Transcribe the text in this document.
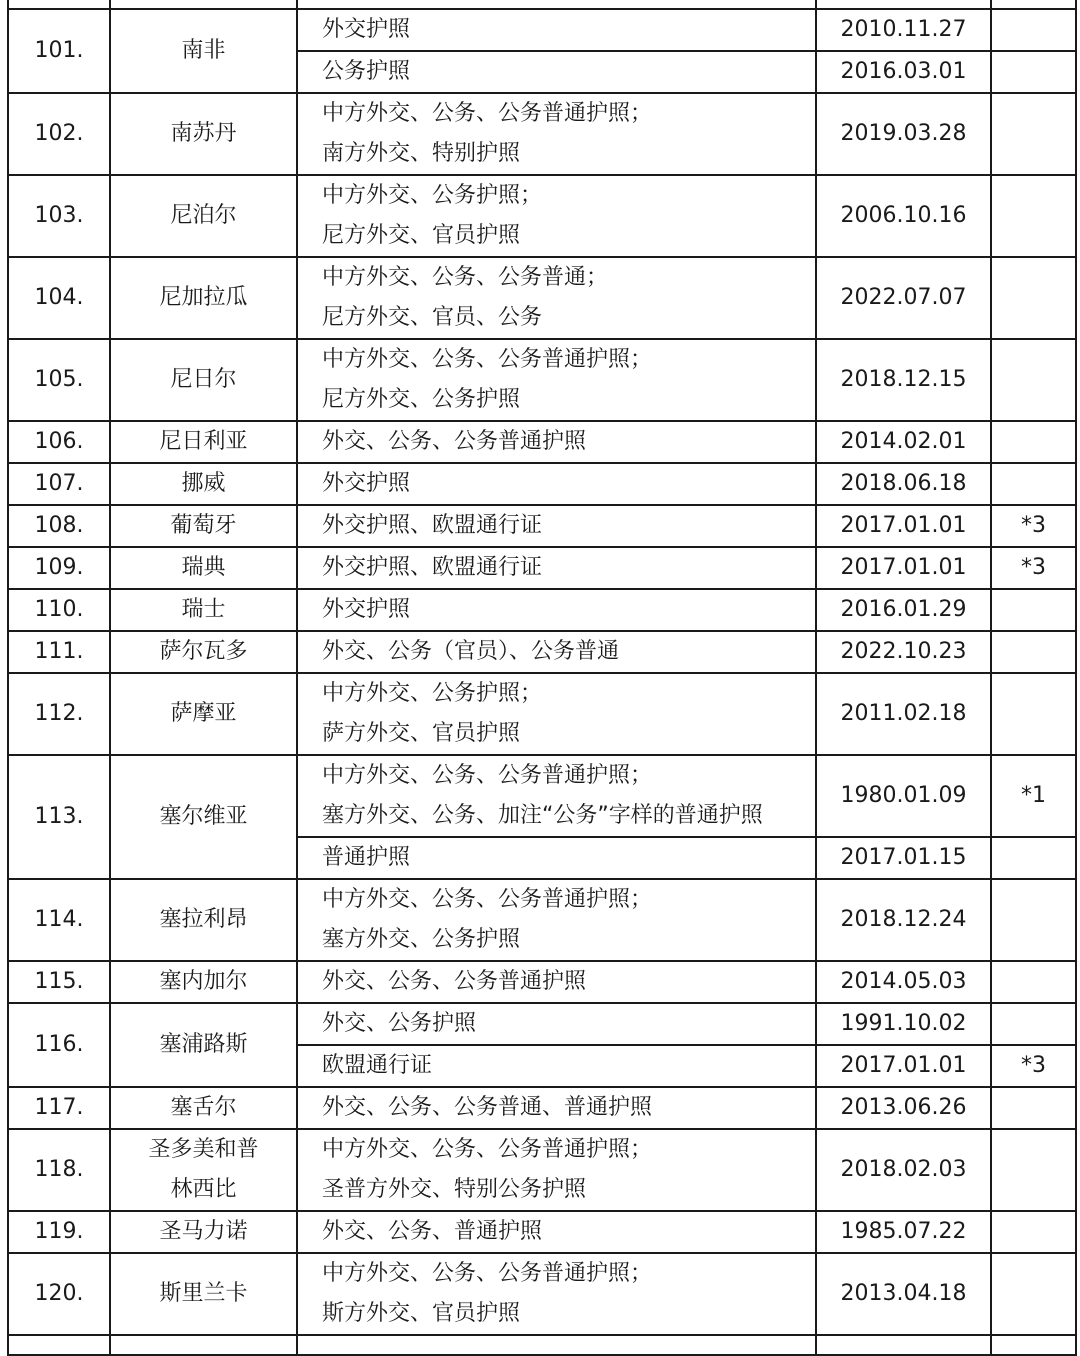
101.	南非	外交护照	2010.11.27	

		公务护照	2016.03.01	
102.	南苏丹	中方外交、公务、公务普通护照；
南方外交、特别护照	2019.03.28	
103.	尼泊尔	中方外交、公务护照；
尼方外交、官员护照	2006.10.16	
104.	尼加拉瓜	中方外交、公务、公务普通；
尼方外交、官员、公务	2022.07.07	
105.	尼日尔	中方外交、公务、公务普通护照；
尼方外交、公务护照	2018.12.15	
106.	尼日利亚	外交、公务、公务普通护照	2014.02.01	
107.	挪威	外交护照	2018.06.18	
108.	葡萄牙	外交护照、欧盟通行证	2017.01.01	*3
109.	瑞典	外交护照、欧盟通行证	2017.01.01	*3
110.	瑞士	外交护照	2016.01.29	
111.	萨尔瓦多	外交、公务（官员）、公务普通	2022.10.23	
112.	萨摩亚	中方外交、公务护照；
萨方外交、官员护照	2011.02.18	
113.	塞尔维亚	中方外交、公务、公务普通护照；
塞方外交、公务、加注“公务”字样的普通护照	1980.01.09	*1

		普通护照	2017.01.15	
114.	塞拉利昂	中方外交、公务、公务普通护照；
塞方外交、公务护照	2018.12.24	
115.	塞内加尔	外交、公务、公务普通护照	2014.05.03	
116.	塞浦路斯	外交、公务护照	1991.10.02	

		欧盟通行证	2017.01.01	*3
117.	塞舌尔	外交、公务、公务普通、普通护照	2013.06.26	
118.	圣多美和普
林西比	中方外交、公务、公务普通护照；
圣普方外交、特别公务护照	2018.02.03	
119.	圣马力诺	外交、公务、普通护照	1985.07.22	
120.	斯里兰卡	中方外交、公务、公务普通护照；
斯方外交、官员护照	2013.04.18	
